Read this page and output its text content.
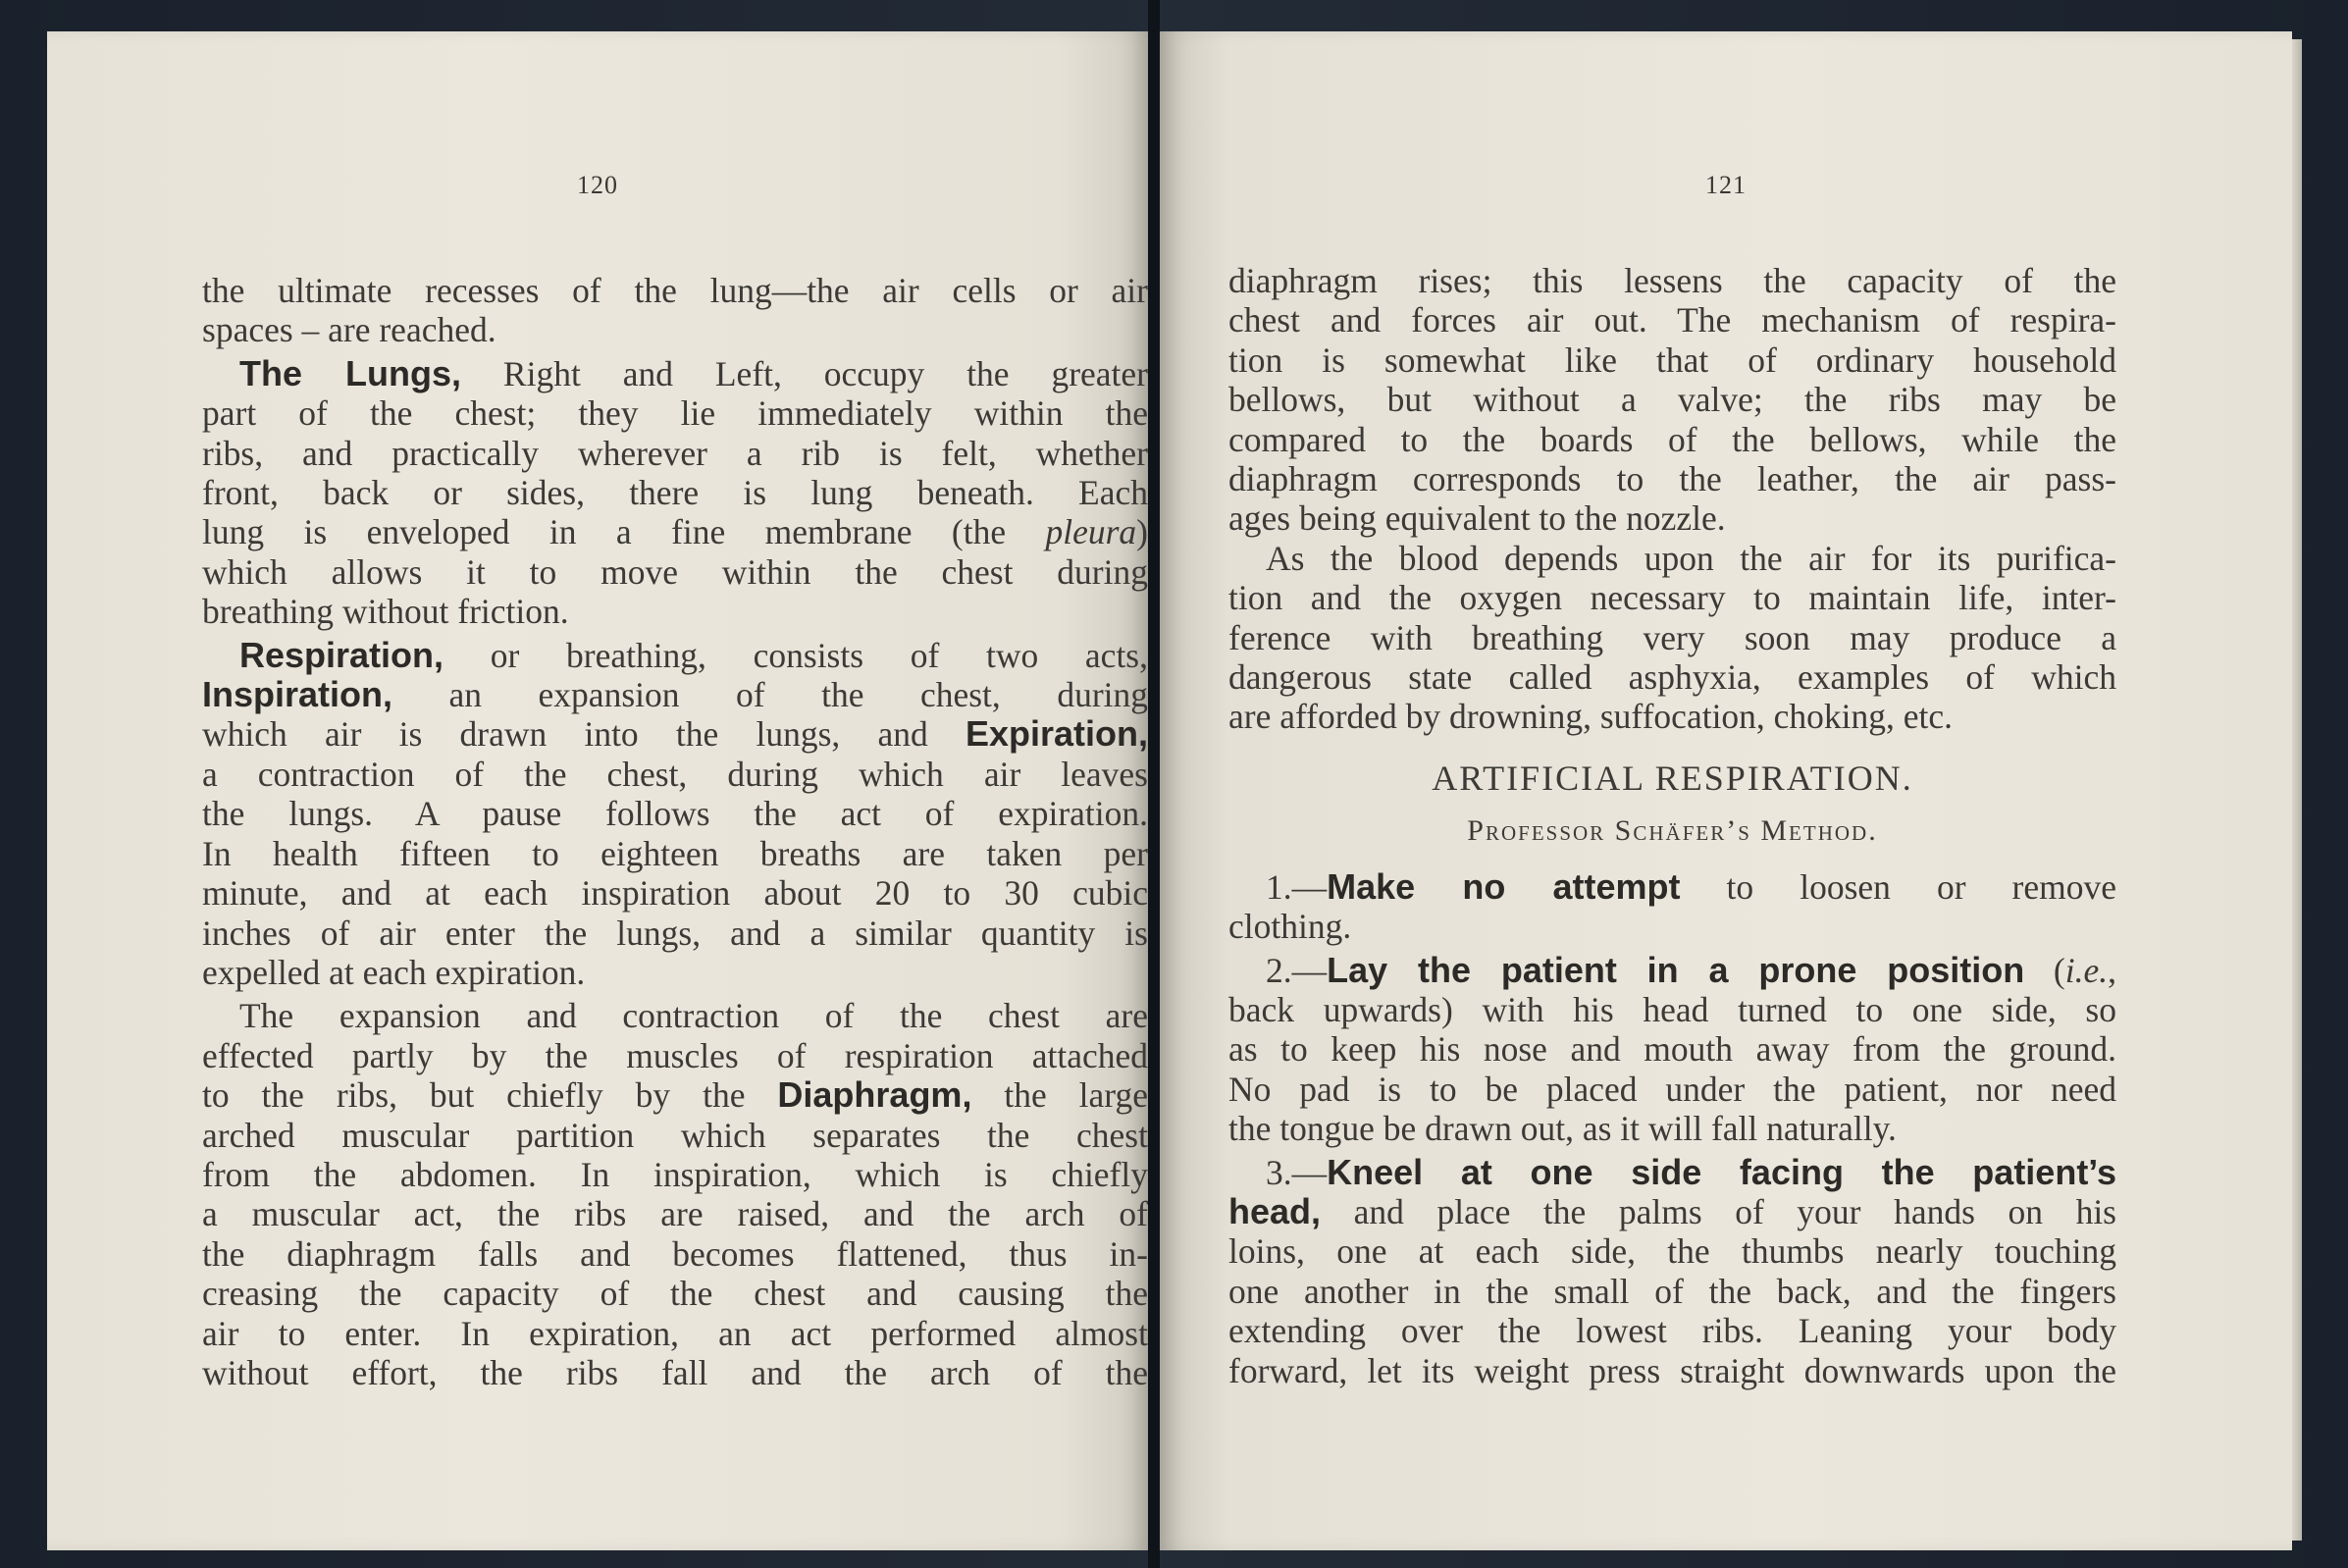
120

the ultimate recesses of the lung—the air cells or air

spaces – are reached.

The Lungs, Right and Left, occupy the greater

part of the chest; they lie immediately within the

ribs, and practically wherever a rib is felt, whether

front, back or sides, there is lung beneath. Each

lung is enveloped in a fine membrane (the pleura)

which allows it to move within the chest during

breathing without friction.

Respiration, or breathing, consists of two acts,

Inspiration, an expansion of the chest, during

which air is drawn into the lungs, and Expiration,

a contraction of the chest, during which air leaves

the lungs. A pause follows the act of expiration.

In health fifteen to eighteen breaths are taken per

minute, and at each inspiration about 20 to 30 cubic

inches of air enter the lungs, and a similar quantity is

expelled at each expiration.

The expansion and contraction of the chest are

effected partly by the muscles of respiration attached

to the ribs, but chiefly by the Diaphragm, the large

arched muscular partition which separates the chest

from the abdomen. In inspiration, which is chiefly

a muscular act, the ribs are raised, and the arch of

the diaphragm falls and becomes flattened, thus in-

creasing the capacity of the chest and causing the

air to enter. In expiration, an act performed almost

without effort, the ribs fall and the arch of the

121

diaphragm rises; this lessens the capacity of the

chest and forces air out. The mechanism of respira-

tion is somewhat like that of ordinary household

bellows, but without a valve; the ribs may be

compared to the boards of the bellows, while the

diaphragm corresponds to the leather, the air pass-

ages being equivalent to the nozzle.

As the blood depends upon the air for its purifica-

tion and the oxygen necessary to maintain life, inter-

ference with breathing very soon may produce a

dangerous state called asphyxia, examples of which

are afforded by drowning, suffocation, choking, etc.

ARTIFICIAL RESPIRATION.

Professor Schäfer’s Method.

1.—Make no attempt to loosen or remove

clothing.

2.—Lay the patient in a prone position (i.e.,

back upwards) with his head turned to one side, so

as to keep his nose and mouth away from the ground.

No pad is to be placed under the patient, nor need

the tongue be drawn out, as it will fall naturally.

3.—Kneel at one side facing the patient’s

head, and place the palms of your hands on his

loins, one at each side, the thumbs nearly touching

one another in the small of the back, and the fingers

extending over the lowest ribs. Leaning your body

forward, let its weight press straight downwards upon the
